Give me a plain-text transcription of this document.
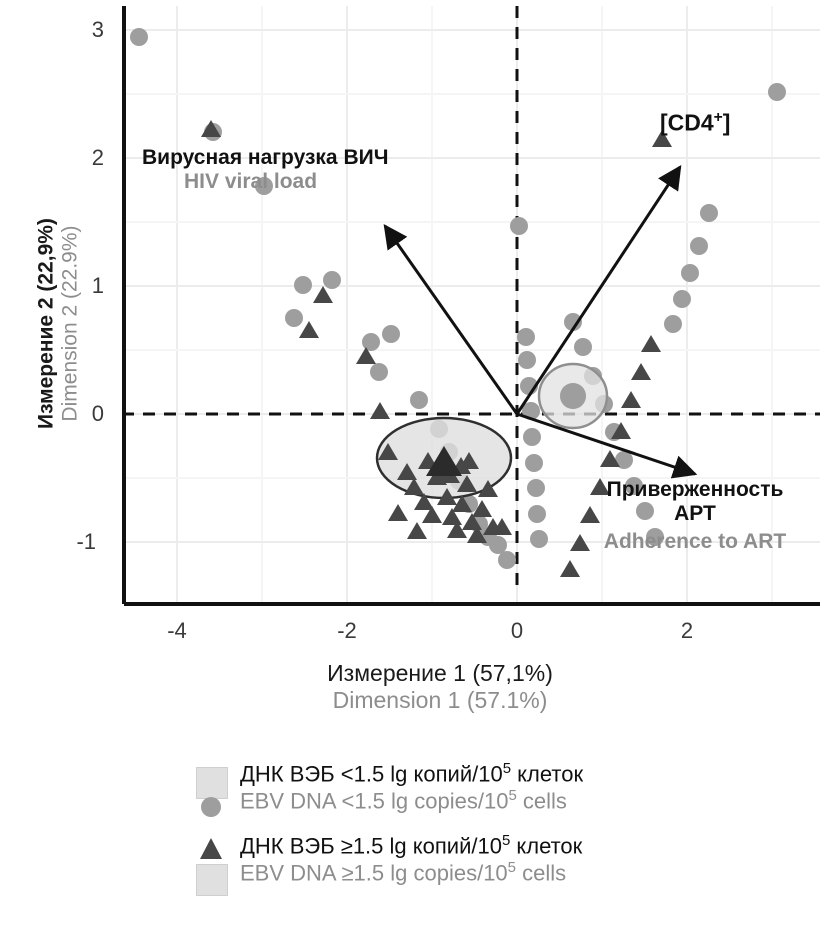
Измерение 2 (22,9%) Dimension 2 (22.9%)
3
2
1
0
-1
-4	-2	0	2
Вирусная нагрузка ВИЧ
HIV viral load
[CD4+]
Приверженность
АРТ
Adherence to ART
Измерение 1 (57,1%)
Dimension 1 (57.1%)
ДНК ВЭБ <1.5 lg копий/$10^5$ клеток
EBV DNA <1.5 lg copies/$10^5$ cells
ДНК ВЭБ ≥1.5 lg копий/$10^5$ клеток
EBV DNA ≥1.5 lg copies/$10^5$ cells
